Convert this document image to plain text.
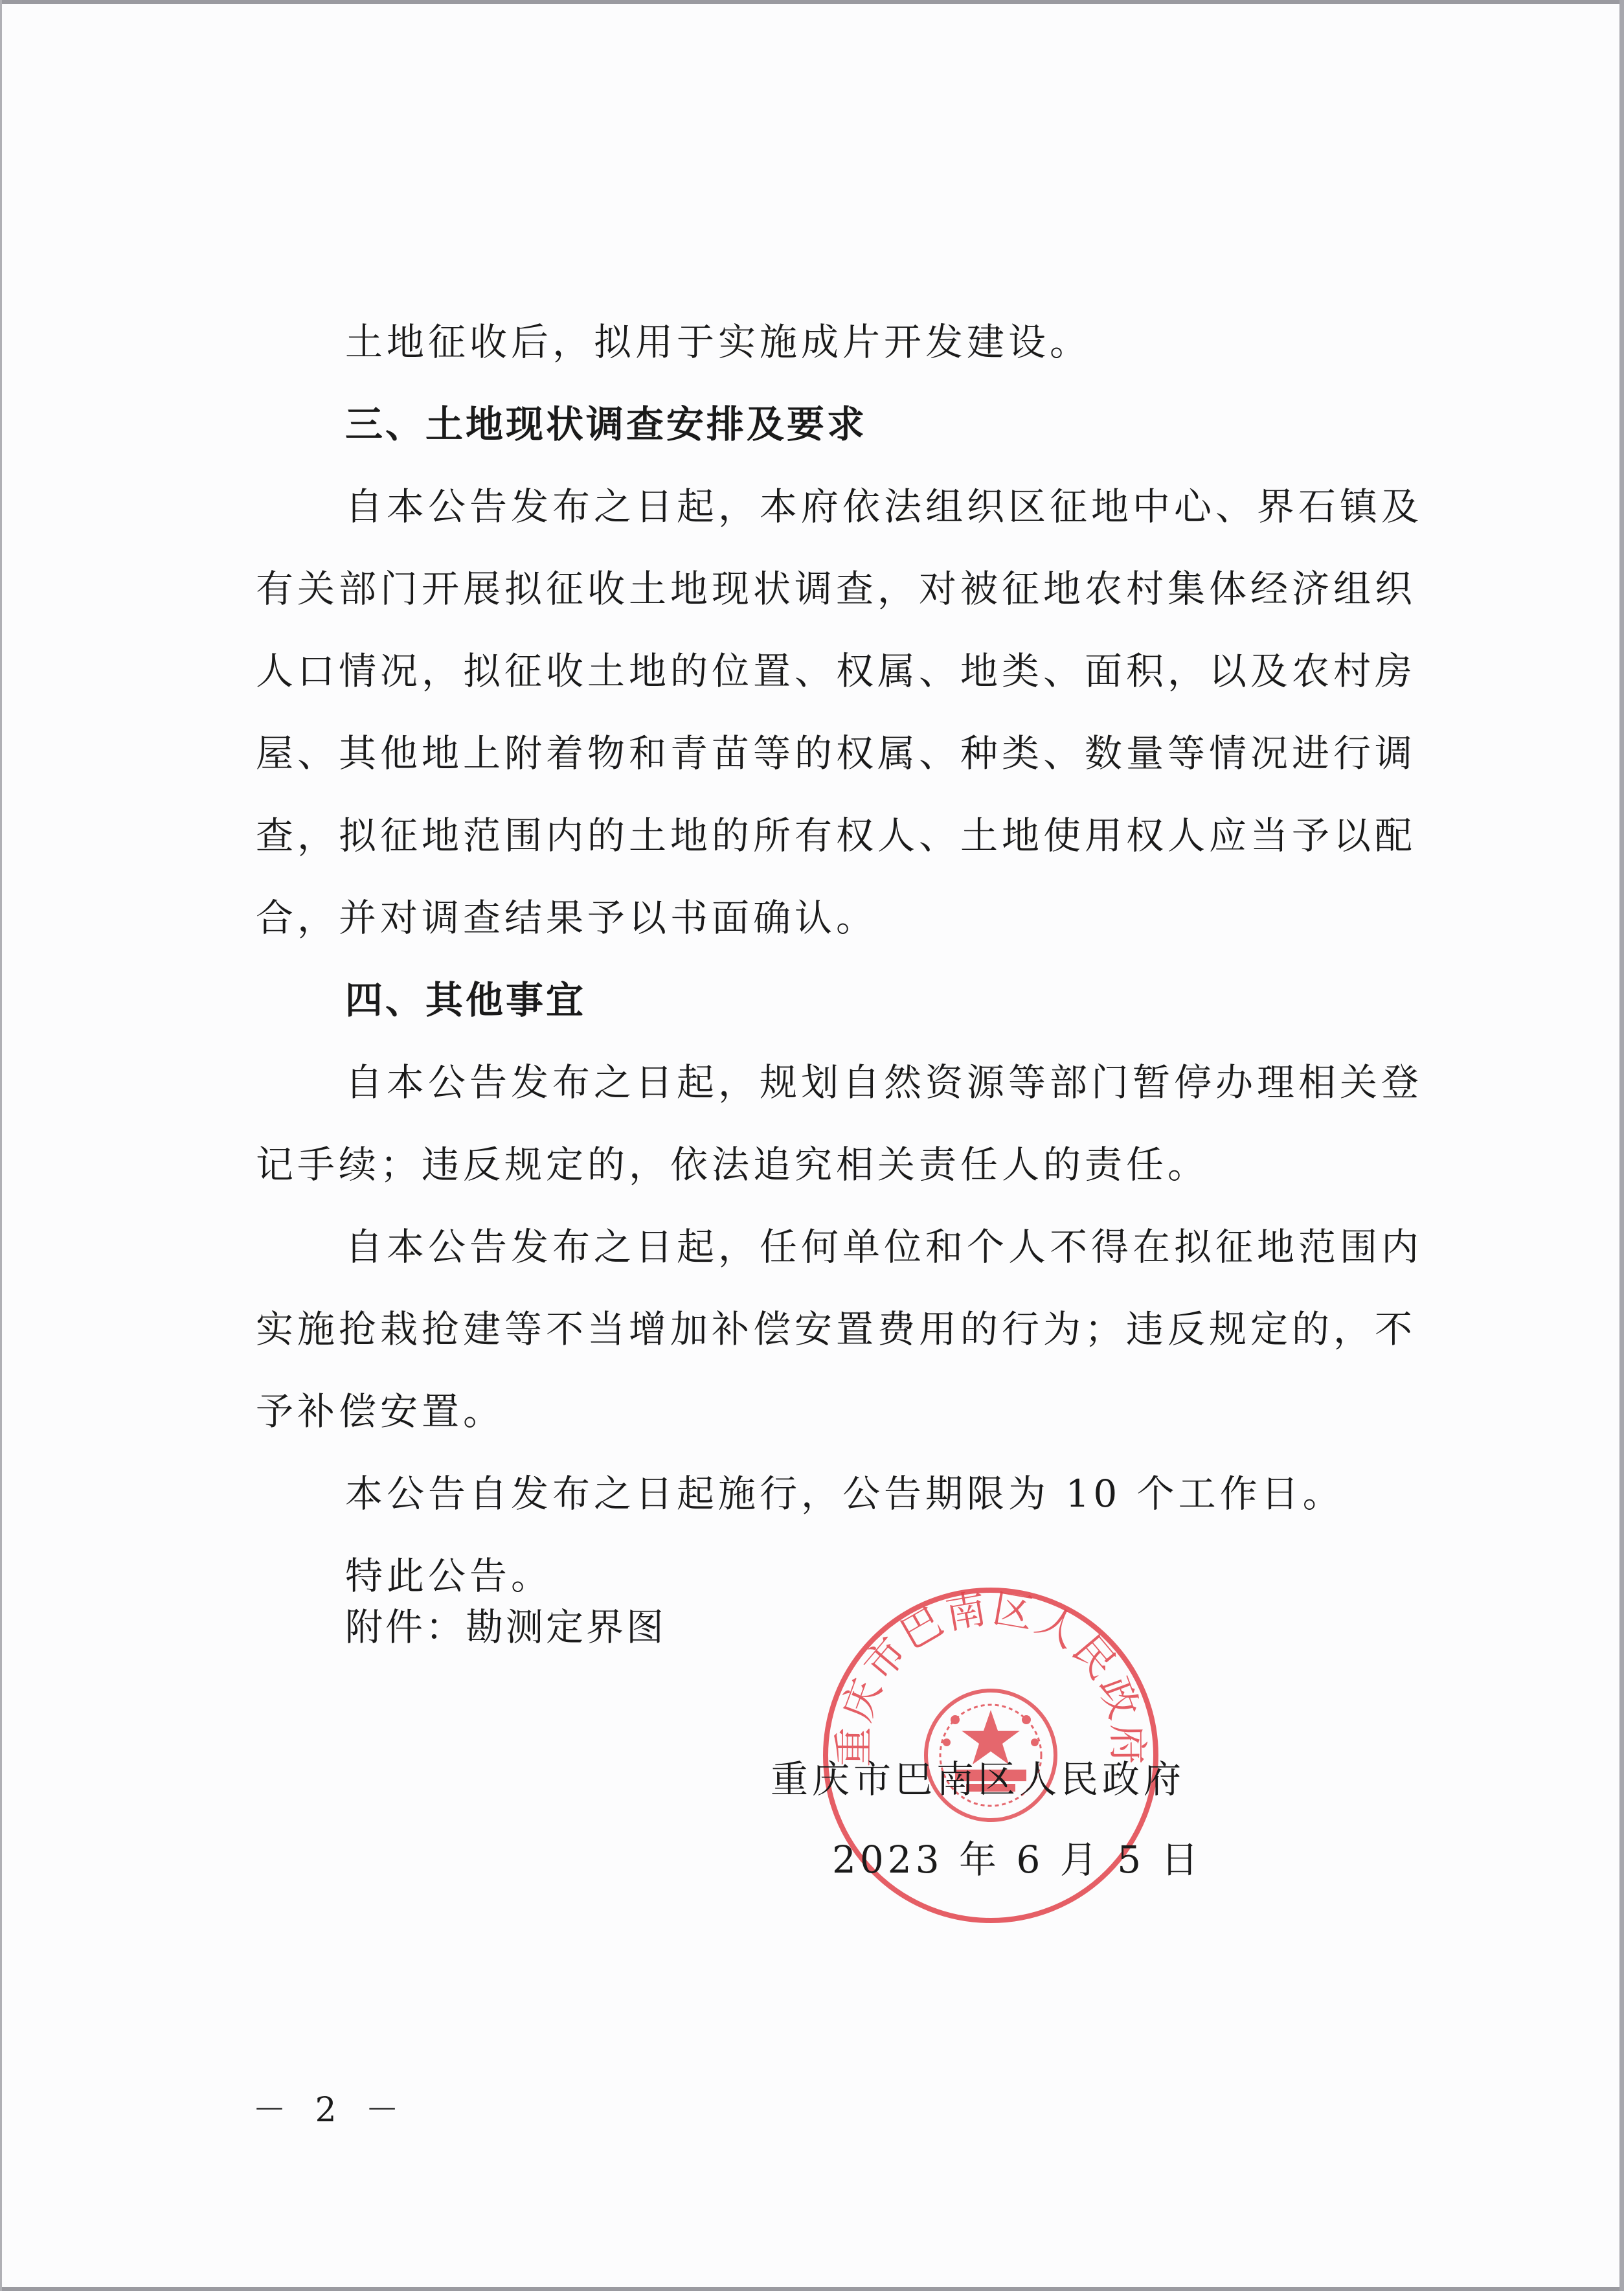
土地征收后，拟用于实施成片开发建设。

三、土地现状调查安排及要求

自本公告发布之日起，本府依法组织区征地中心、界石镇及

有关部门开展拟征收土地现状调查，对被征地农村集体经济组织

人口情况，拟征收土地的位置、权属、地类、面积，以及农村房

屋、其他地上附着物和青苗等的权属、种类、数量等情况进行调

查，拟征地范围内的土地的所有权人、土地使用权人应当予以配

合，并对调查结果予以书面确认。

四、其他事宜

自本公告发布之日起，规划自然资源等部门暂停办理相关登

记手续；违反规定的，依法追究相关责任人的责任。

自本公告发布之日起，任何单位和个人不得在拟征地范围内

实施抢栽抢建等不当增加补偿安置费用的行为；违反规定的，不

予补偿安置。

本公告自发布之日起施行，公告期限为 10 个工作日。

特此公告。

附件：勘测定界图
重庆市巴南区人民政府
重庆市巴南区人民政府
2023 年 6 月 5 日
－ 2 －
